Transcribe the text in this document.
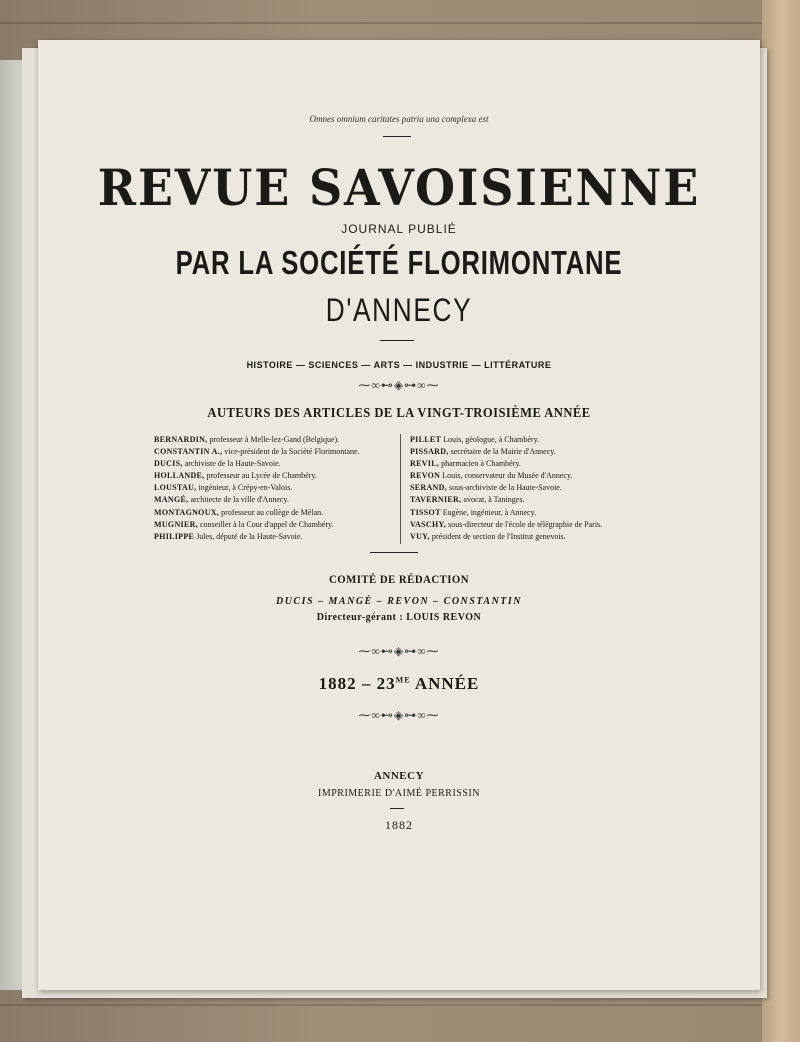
Omnes omnium caritates patria una complexa est
REVUE SAVOISIENNE
JOURNAL PUBLIÉ
PAR LA SOCIÉTÉ FLORIMONTANE
D'ANNECY
HISTOIRE — SCIENCES — ARTS — INDUSTRIE — LITTÉRATURE
⁓∞⊷◈⊶∞⁓
AUTEURS DES ARTICLES DE LA VINGT-TROISIÈME ANNÉE
BERNARDIN, professeur à Melle-lez-Gand (Belgique).
CONSTANTIN A., vice-président de la Société Florimontane.
DUCIS, archiviste de la Haute-Savoie.
HOLLANDE, professeur au Lycée de Chambéry.
LOUSTAU, ingénieur, à Crépy-en-Valois.
MANGÉ, architecte de la ville d'Annecy.
MONTAGNOUX, professeur au collège de Mélan.
MUGNIER, conseiller à la Cour d'appel de Chambéry.
PHILIPPE Jules, député de la Haute-Savoie.
PILLET Louis, géologue, à Chambéry.
PISSARD, secrétaire de la Mairie d'Annecy.
REVIL, pharmacien à Chambéry.
REVON Louis, conservateur du Musée d'Annecy.
SERAND, sous-archiviste de la Haute-Savoie.
TAVERNIER, avocat, à Taninges.
TISSOT Eugène, ingénieur, à Annecy.
VASCHY, sous-directeur de l'école de télégraphie de Paris.
VUY, président de section de l'Institut genevois.
COMITÉ DE RÉDACTION
DUCIS – MANGÉ – REVON – CONSTANTIN
Directeur-gérant : LOUIS REVON
⁓∞⊷◈⊶∞⁓
$1882 - 23^{ME}$ ANNÉE
⁓∞⊷◈⊶∞⁓
ANNECY
IMPRIMERIE D'AIMÉ PERRISSIN
1882
